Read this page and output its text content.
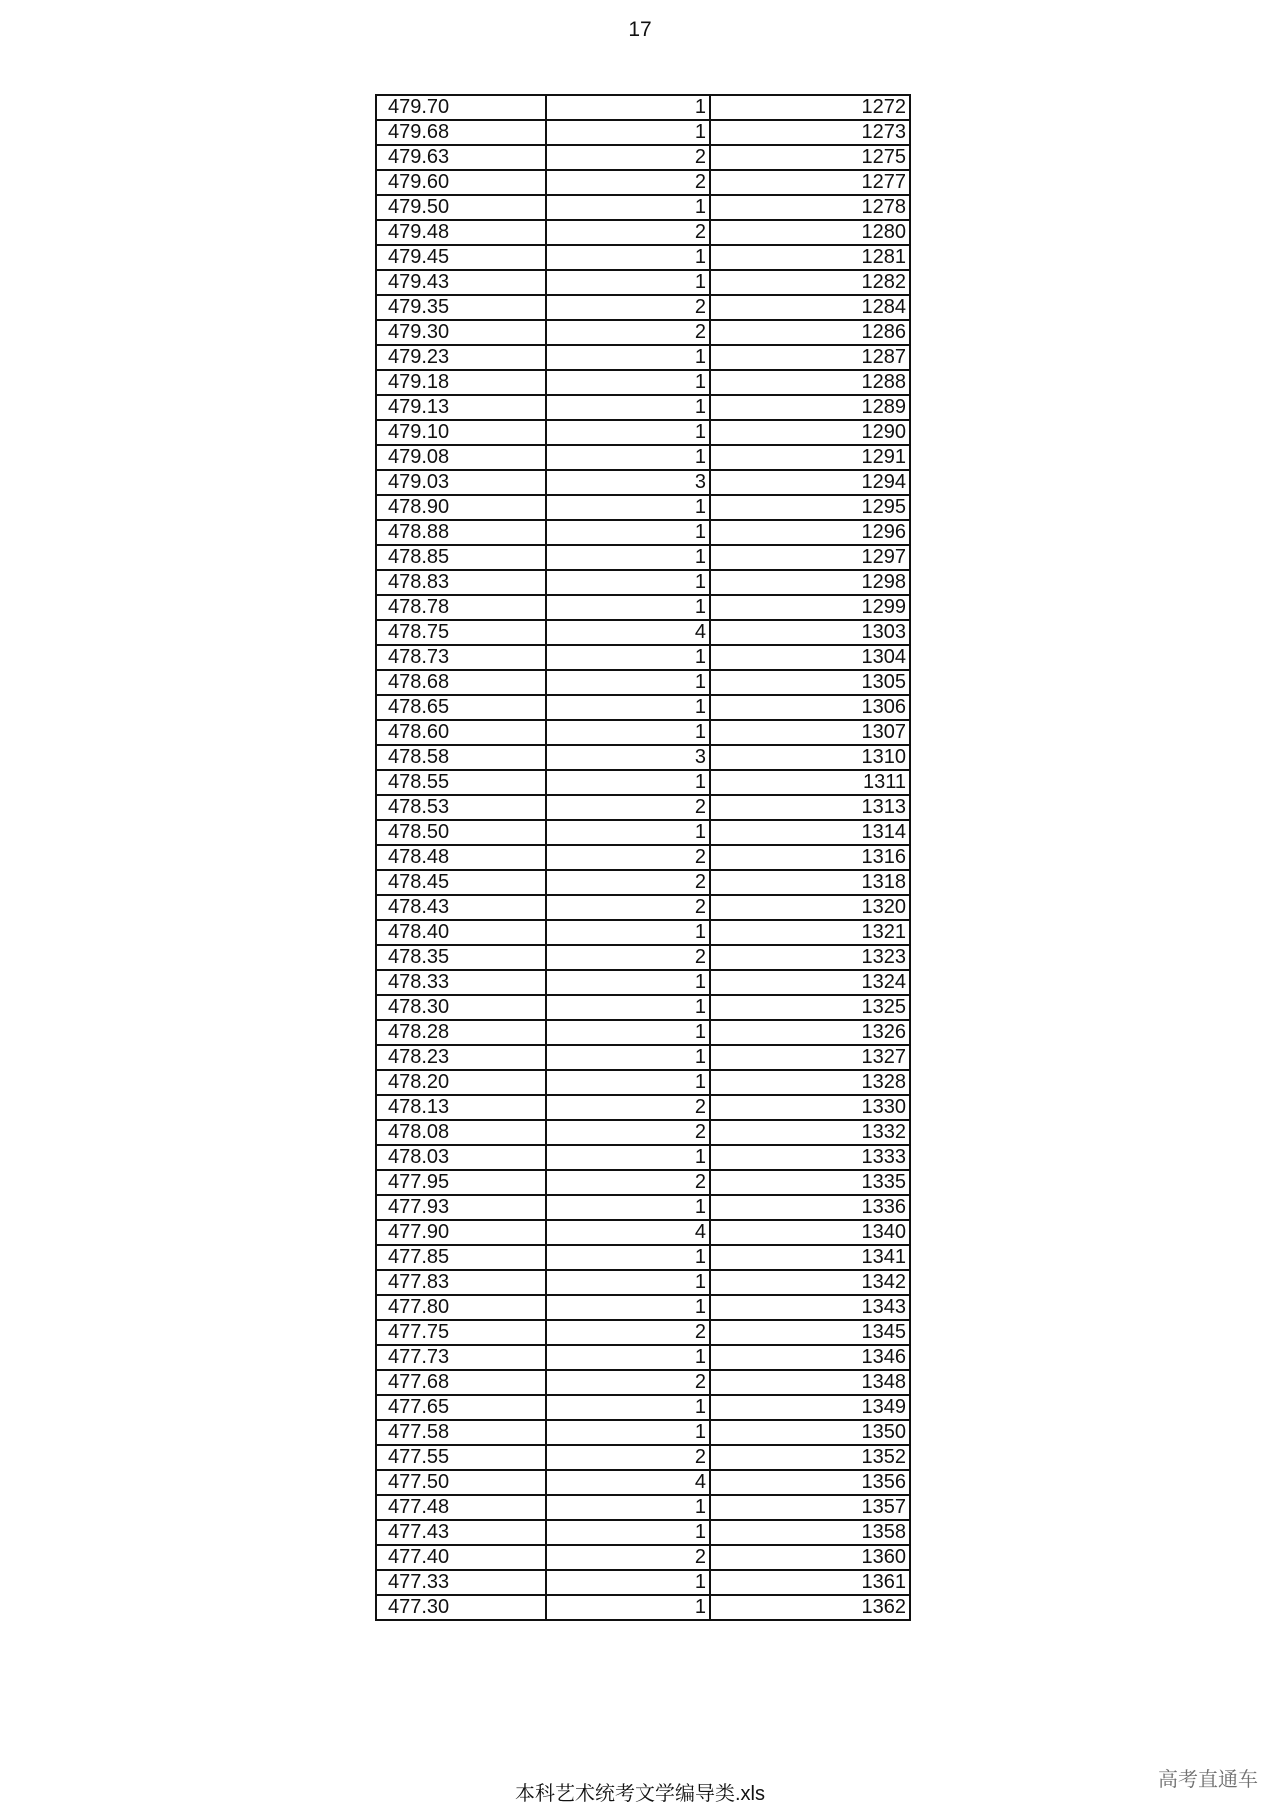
17
479.70	1	1272
479.68	1	1273
479.63	2	1275
479.60	2	1277
479.50	1	1278
479.48	2	1280
479.45	1	1281
479.43	1	1282
479.35	2	1284
479.30	2	1286
479.23	1	1287
479.18	1	1288
479.13	1	1289
479.10	1	1290
479.08	1	1291
479.03	3	1294
478.90	1	1295
478.88	1	1296
478.85	1	1297
478.83	1	1298
478.78	1	1299
478.75	4	1303
478.73	1	1304
478.68	1	1305
478.65	1	1306
478.60	1	1307
478.58	3	1310
478.55	1	1311
478.53	2	1313
478.50	1	1314
478.48	2	1316
478.45	2	1318
478.43	2	1320
478.40	1	1321
478.35	2	1323
478.33	1	1324
478.30	1	1325
478.28	1	1326
478.23	1	1327
478.20	1	1328
478.13	2	1330
478.08	2	1332
478.03	1	1333
477.95	2	1335
477.93	1	1336
477.90	4	1340
477.85	1	1341
477.83	1	1342
477.80	1	1343
477.75	2	1345
477.73	1	1346
477.68	2	1348
477.65	1	1349
477.58	1	1350
477.55	2	1352
477.50	4	1356
477.48	1	1357
477.43	1	1358
477.40	2	1360
477.33	1	1361
477.30	1	1362
本科艺术统考文学编导类.xls
高考直通车
